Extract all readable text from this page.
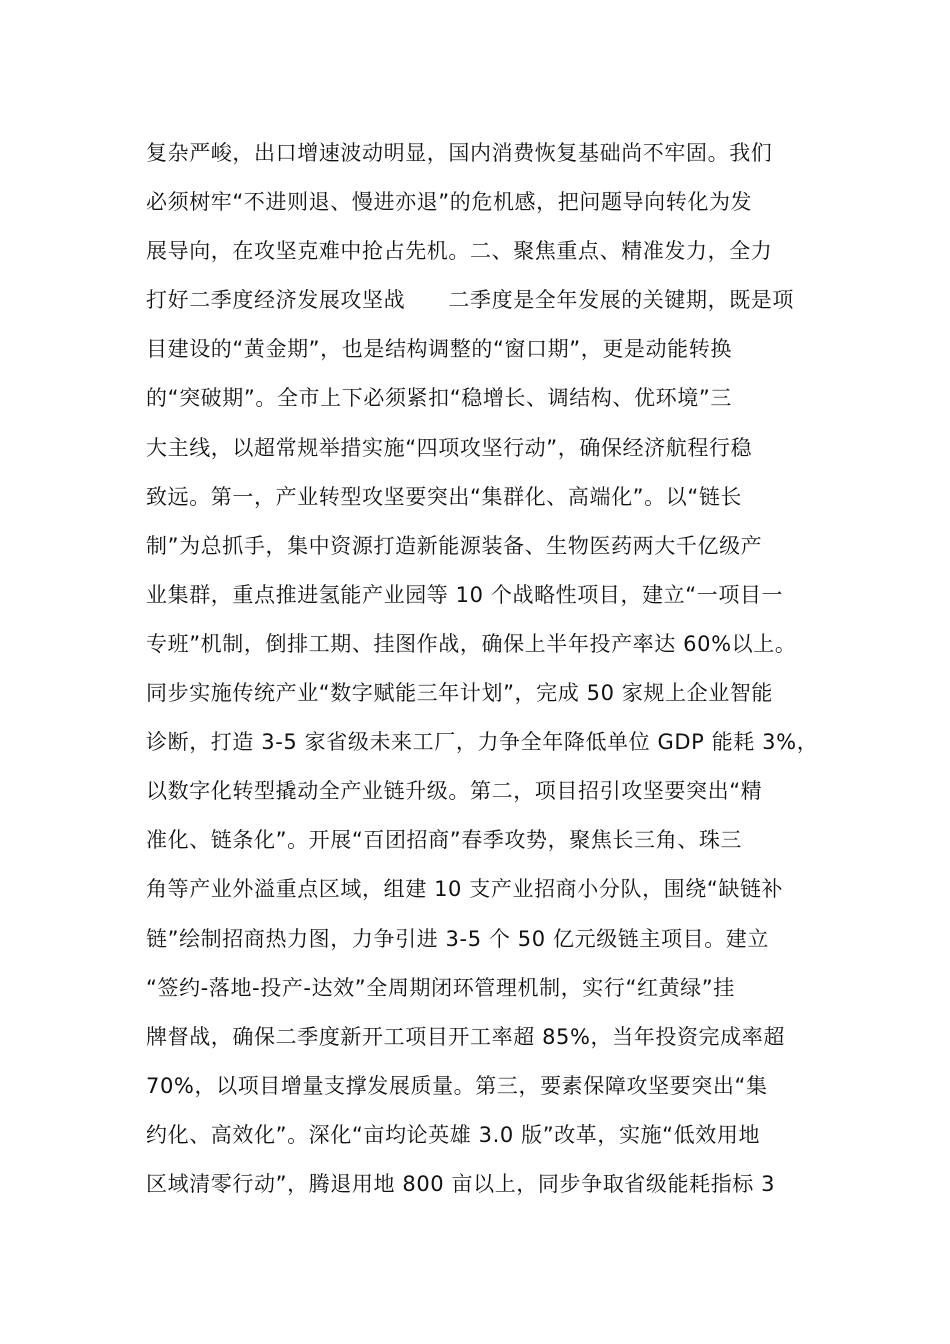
复杂严峻，出口增速波动明显，国内消费恢复基础尚不牢固。我们
必须树牢“不进则退、慢进亦退”的危机感，把问题导向转化为发
展导向，在攻坚克难中抢占先机。二、聚焦重点、精准发力，全力
打好二季度经济发展攻坚战　　二季度是全年发展的关键期，既是项
目建设的“黄金期”，也是结构调整的“窗口期”，更是动能转换
的“突破期”。全市上下必须紧扣“稳增长、调结构、优环境”三
大主线，以超常规举措实施“四项攻坚行动”，确保经济航程行稳
致远。第一，产业转型攻坚要突出“集群化、高端化”。以“链长
制”为总抓手，集中资源打造新能源装备、生物医药两大千亿级产
业集群，重点推进氢能产业园等 10 个战略性项目，建立“一项目一
专班”机制，倒排工期、挂图作战，确保上半年投产率达 60%以上。
同步实施传统产业“数字赋能三年计划”，完成 50 家规上企业智能
诊断，打造 3-5 家省级未来工厂，力争全年降低单位 GDP 能耗 3%，
以数字化转型撬动全产业链升级。第二，项目招引攻坚要突出“精
准化、链条化”。开展“百团招商”春季攻势，聚焦长三角、珠三
角等产业外溢重点区域，组建 10 支产业招商小分队，围绕“缺链补
链”绘制招商热力图，力争引进 3-5 个 50 亿元级链主项目。建立
“签约-落地-投产-达效”全周期闭环管理机制，实行“红黄绿”挂
牌督战，确保二季度新开工项目开工率超 85%，当年投资完成率超
70%，以项目增量支撑发展质量。第三，要素保障攻坚要突出“集
约化、高效化”。深化“亩均论英雄 3.0 版”改革，实施“低效用地
区域清零行动”，腾退用地 800 亩以上，同步争取省级能耗指标 3
